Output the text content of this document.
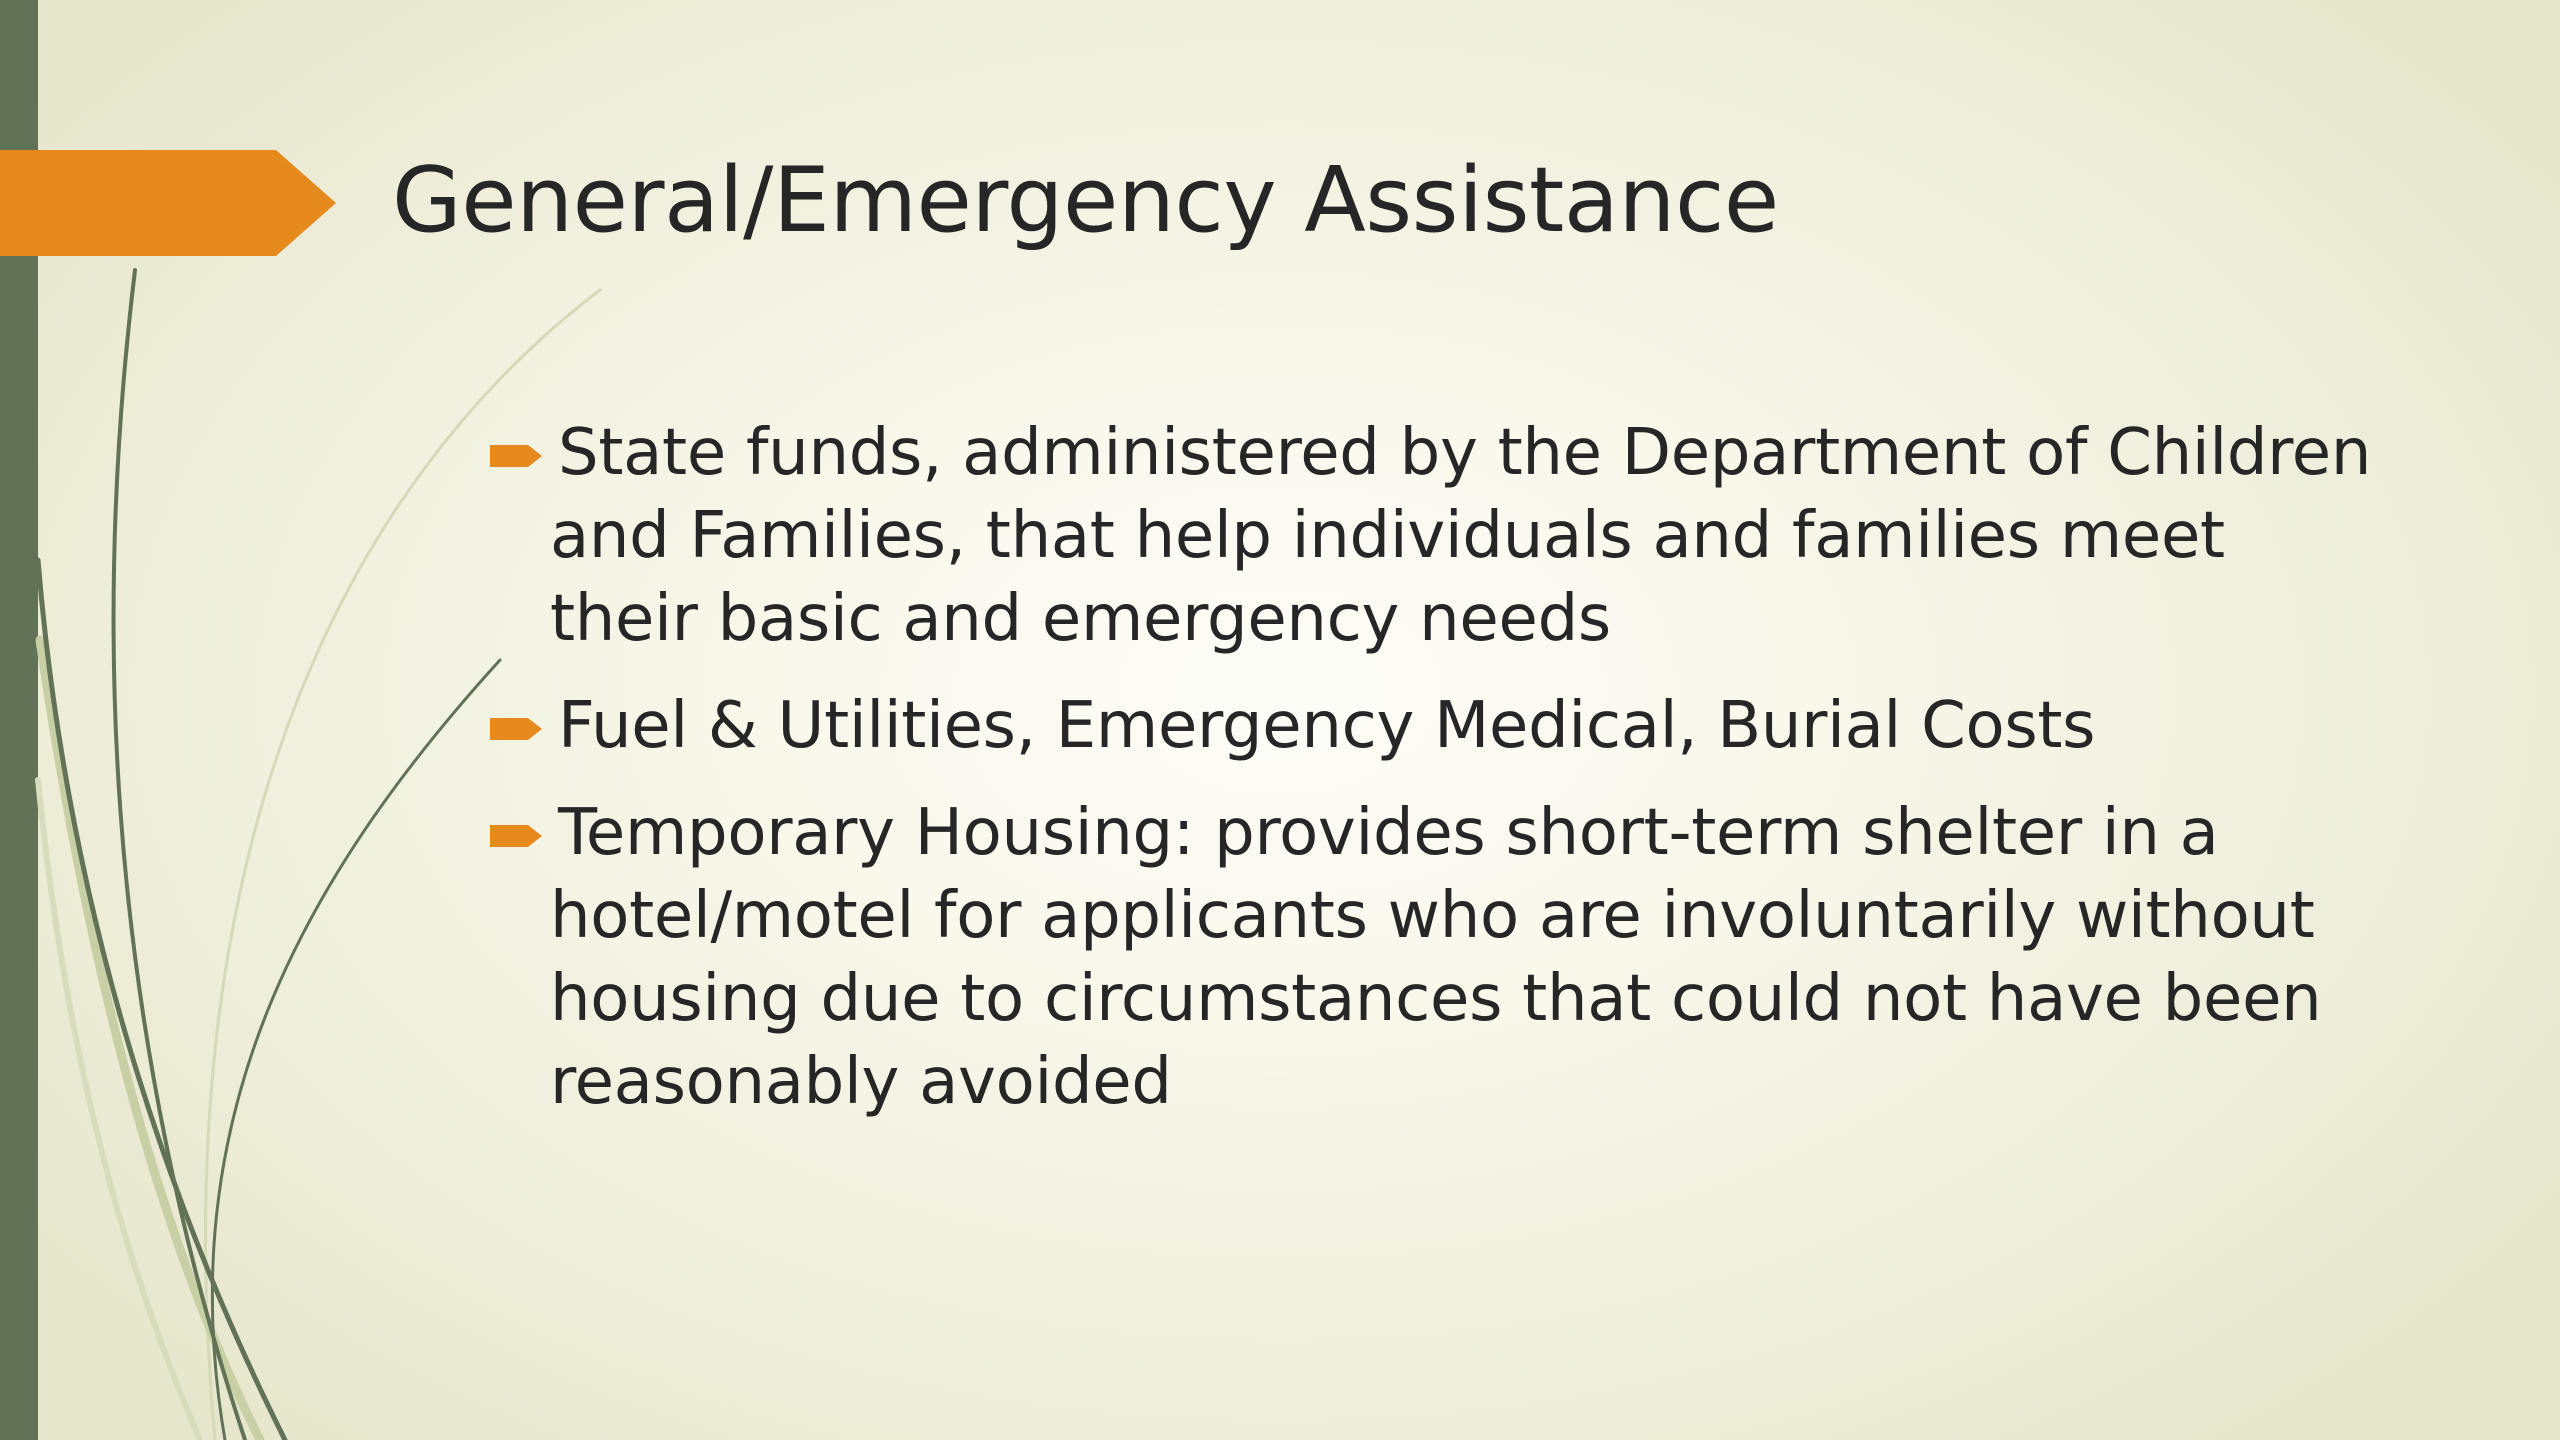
General/Emergency Assistance
State funds, administered by the Department of Children and Families, that help individuals and families meet their basic and emergency needs
Fuel & Utilities, Emergency Medical, Burial Costs
Temporary Housing: provides short-term shelter in a hotel/motel for applicants who are involuntarily without housing due to circumstances that could not have been reasonably avoided
